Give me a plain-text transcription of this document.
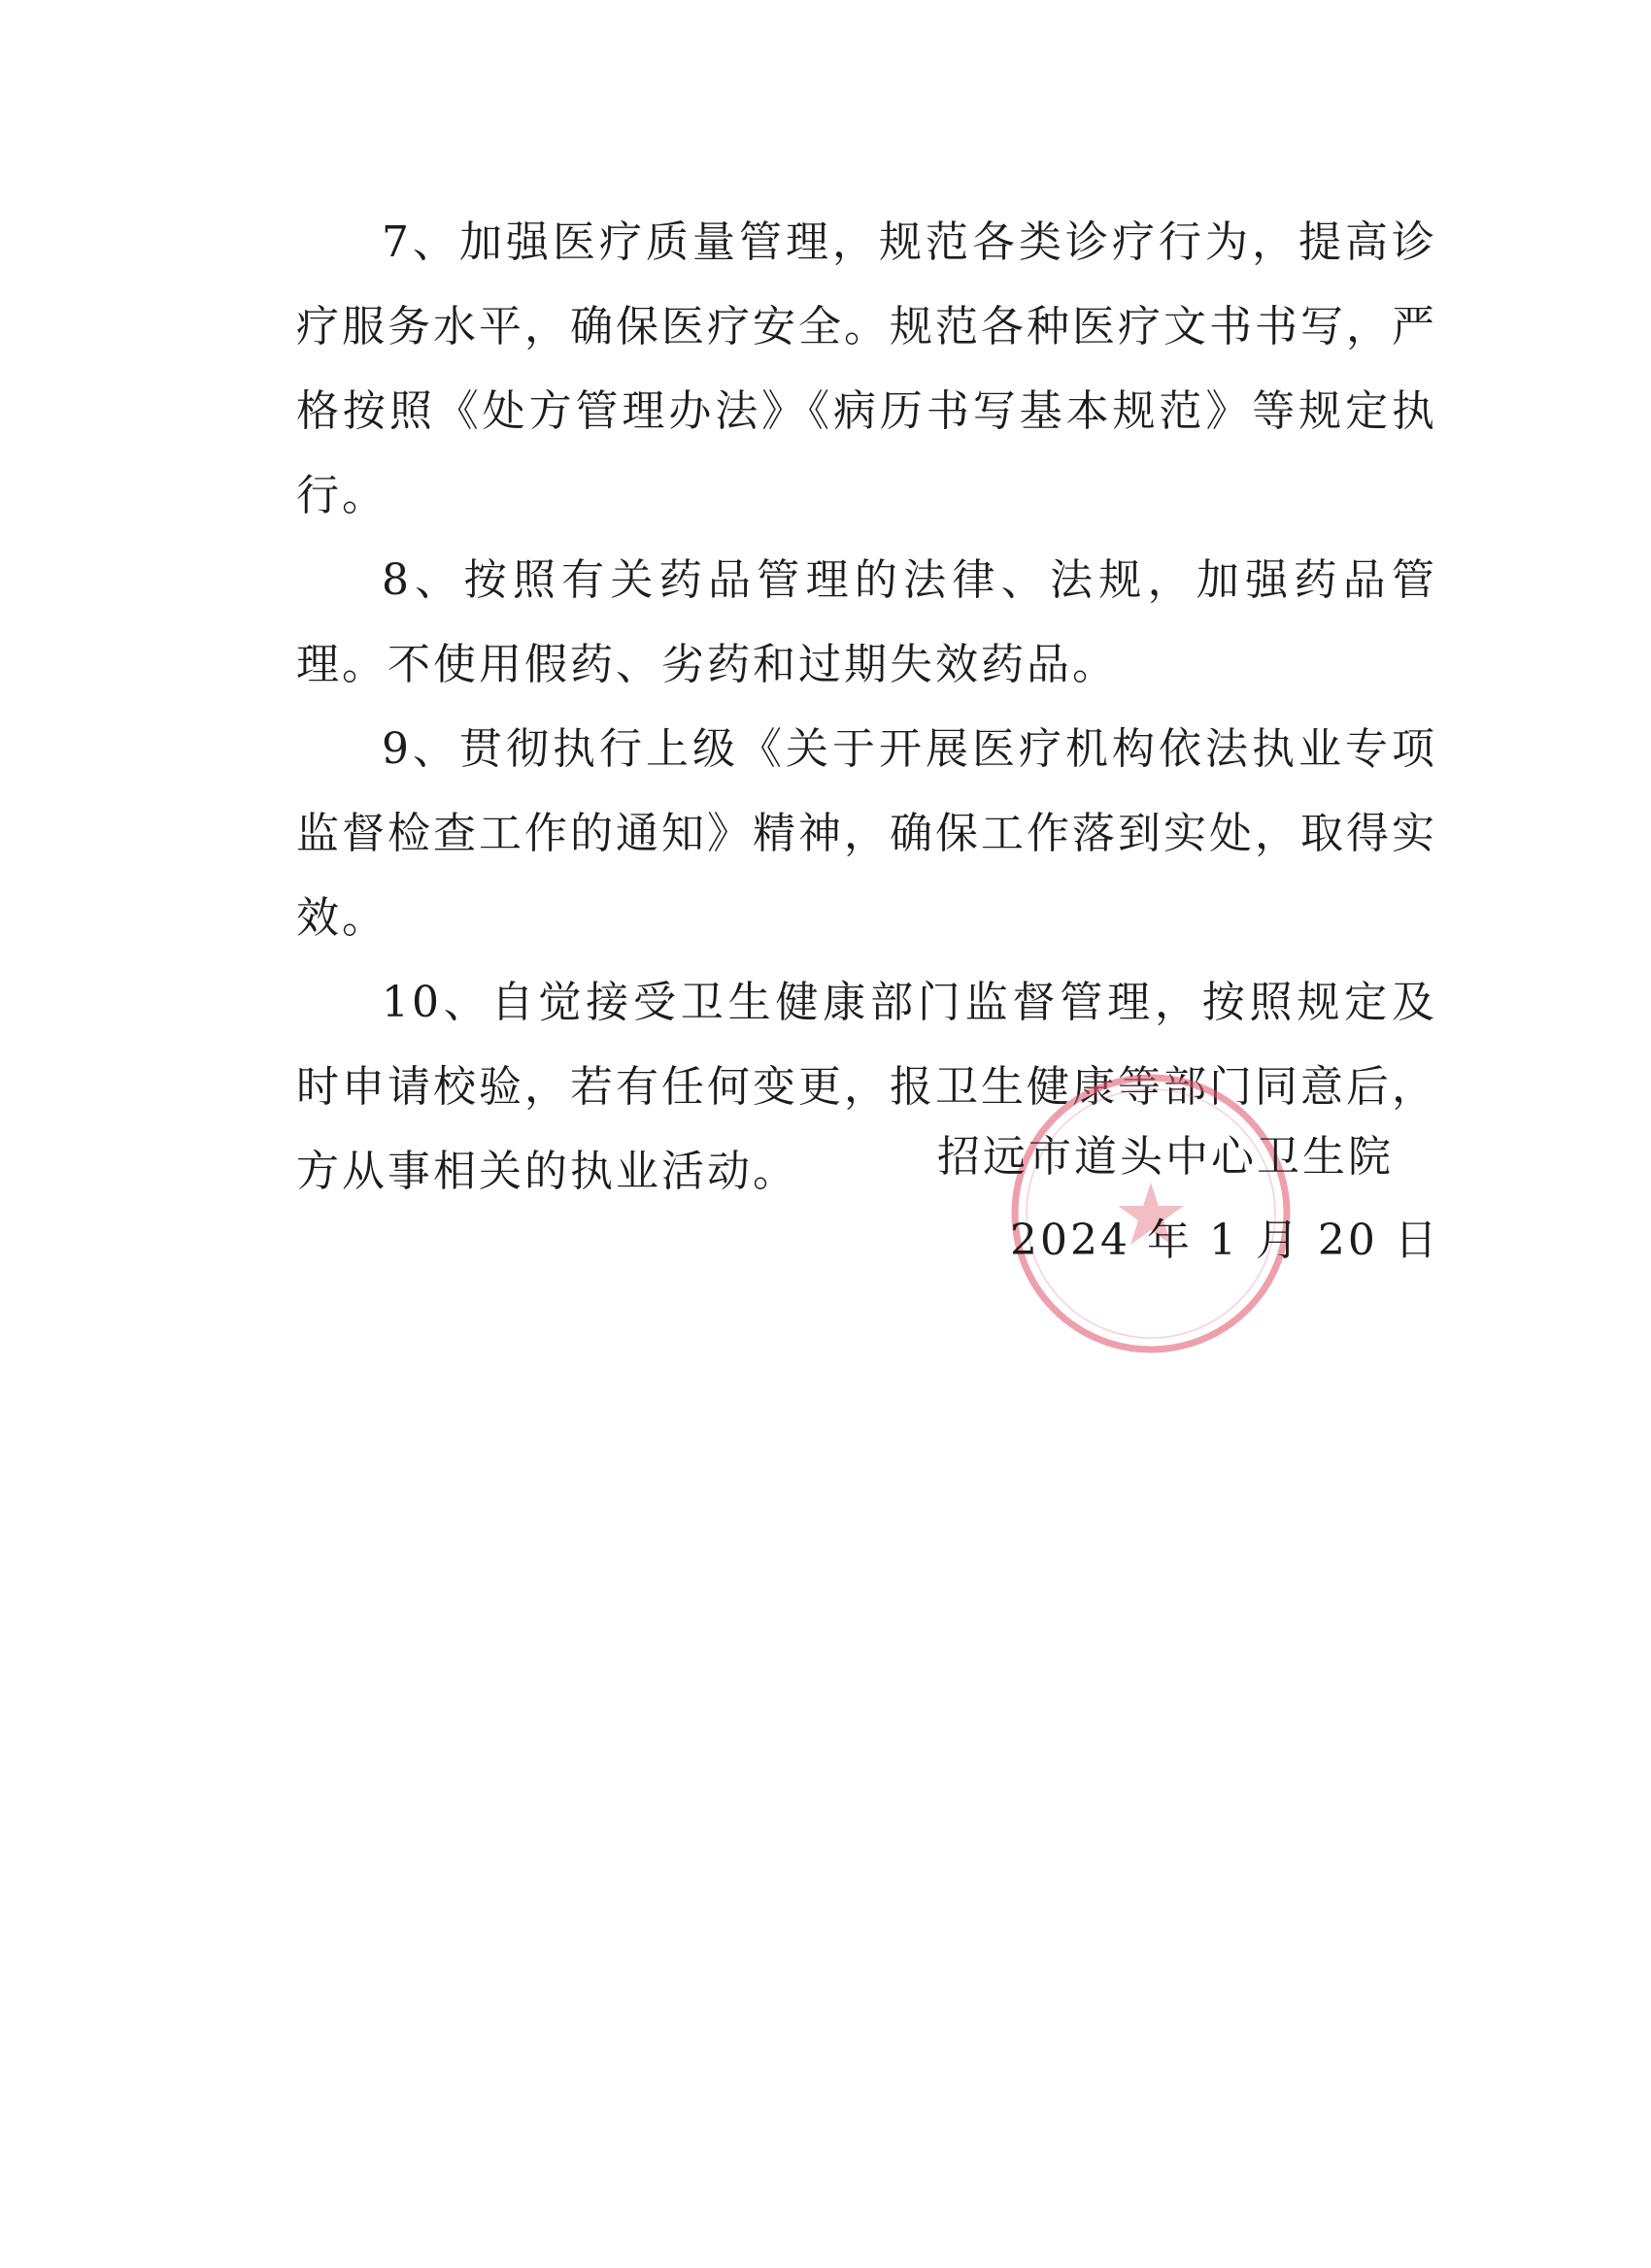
7、加强医疗质量管理，规范各类诊疗行为，提高诊疗服务水平，确保医疗安全。规范各种医疗文书书写，严格按照《处方管理办法》《病历书写基本规范》等规定执行。

8、按照有关药品管理的法律、法规，加强药品管理。不使用假药、劣药和过期失效药品。

9、贯彻执行上级《关于开展医疗机构依法执业专项监督检查工作的通知》精神，确保工作落到实处，取得实效。

10、自觉接受卫生健康部门监督管理，按照规定及时申请校验，若有任何变更，报卫生健康等部门同意后，方从事相关的执业活动。	招远市道头中心卫生院
2024 年 1 月 20 日
